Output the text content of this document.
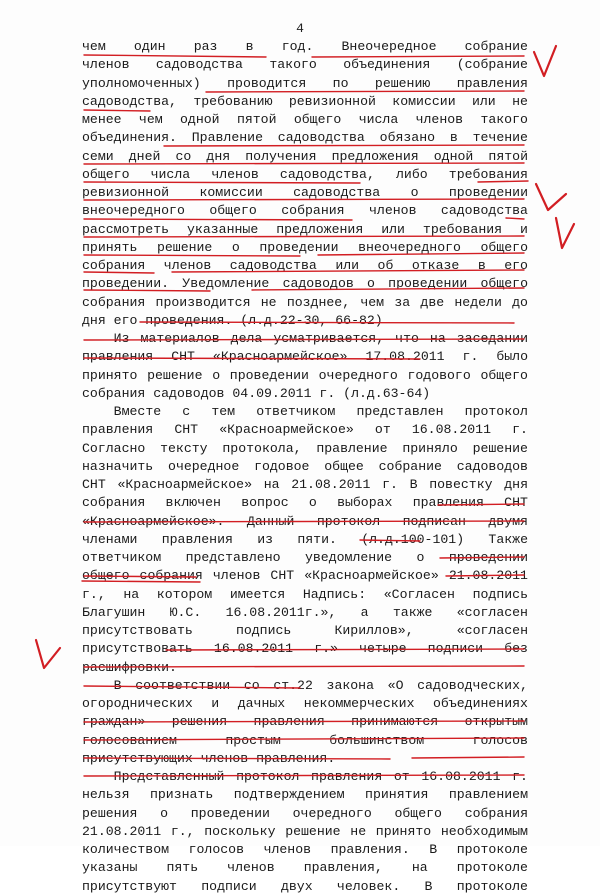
4
чем один раз в год. Внеочередное собрание
членов садоводства такого объединения (собрание
уполномоченных) проводится по решению правления
садоводства, требованию ревизионной комиссии или не
менее чем одной пятой общего числа членов такого
объединения. Правление садоводства обязано в течение
семи дней со дня получения предложения одной пятой
общего числа членов садоводства, либо требования
ревизионной комиссии садоводства о проведении
внеочередного общего собрания членов садоводства
рассмотреть указанные предложения или требования и
принять решение о проведении внеочередного общего
собрания членов садоводства или об отказе в его
проведении. Уведомление садоводов о проведении общего
собрания производится не позднее, чем за две недели до
дня его проведения. (л.д.22-30, 66-82)
Из материалов дела усматривается, что на заседании
правления СНТ «Красноармейское» 17.08.2011 г. было
принято решение о проведении очередного годового общего
собрания садоводов 04.09.2011 г. (л.д.63-64)
Вместе с тем ответчиком представлен протокол
правления СНТ «Красноармейское» от 16.08.2011 г.
Согласно тексту протокола, правление приняло решение
назначить очередное годовое общее собрание садоводов
СНТ «Красноармейское» на 21.08.2011 г. В повестку дня
собрания включен вопрос о выборах правления СНТ
«Красноармейское». Данный протокол подписан двумя
членами правления из пяти. (л.д.100-101) Также
ответчиком представлено уведомление о проведении
общего собрания членов СНТ «Красноармейское» 21.08.2011
г., на котором имеется Надпись: «Согласен подпись
Благушин Ю.С. 16.08.2011г.», а также «согласен
присутствовать	подпись	Кириллов»,	«согласен
присутствовать 16.08.2011 г.» четыре подписи без
расшифровки.
В соответствии со ст.22 закона «О садоводческих,
огороднических и дачных некоммерческих объединениях
граждан» решения правления принимаются открытым
голосованием	простым	большинством	голосов
присутствующих членов правления.
Представленный протокол правления от 16.08.2011 г.
нельзя признать подтверждением принятия правлением
решения о проведении очередного общего собрания
21.08.2011 г., поскольку решение не принято необходимым
количеством голосов членов правления. В протоколе
указаны пять членов правления, на протоколе
присутствуют подписи двух человек. В протоколе
